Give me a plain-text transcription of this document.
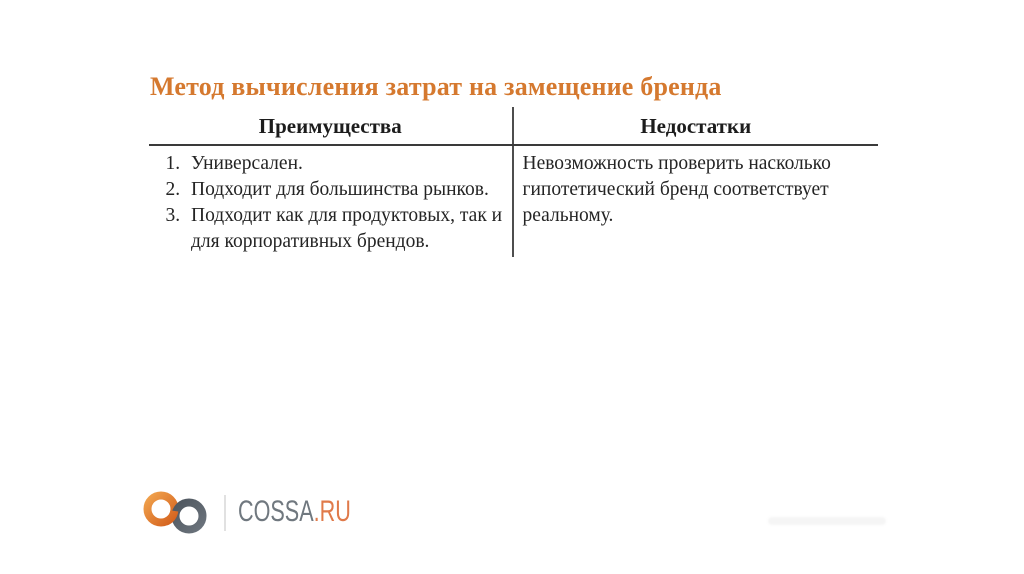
Метод вычисления затрат на замещение бренда
Преимущества	Недостатки
1. Универсален.
2. Подходит для большинства рынков.
3. Подходит как для продуктовых, так и для корпоративных брендов.

Невозможность проверить насколько гипотетический бренд соответствует реальному.

COSSA.RU
